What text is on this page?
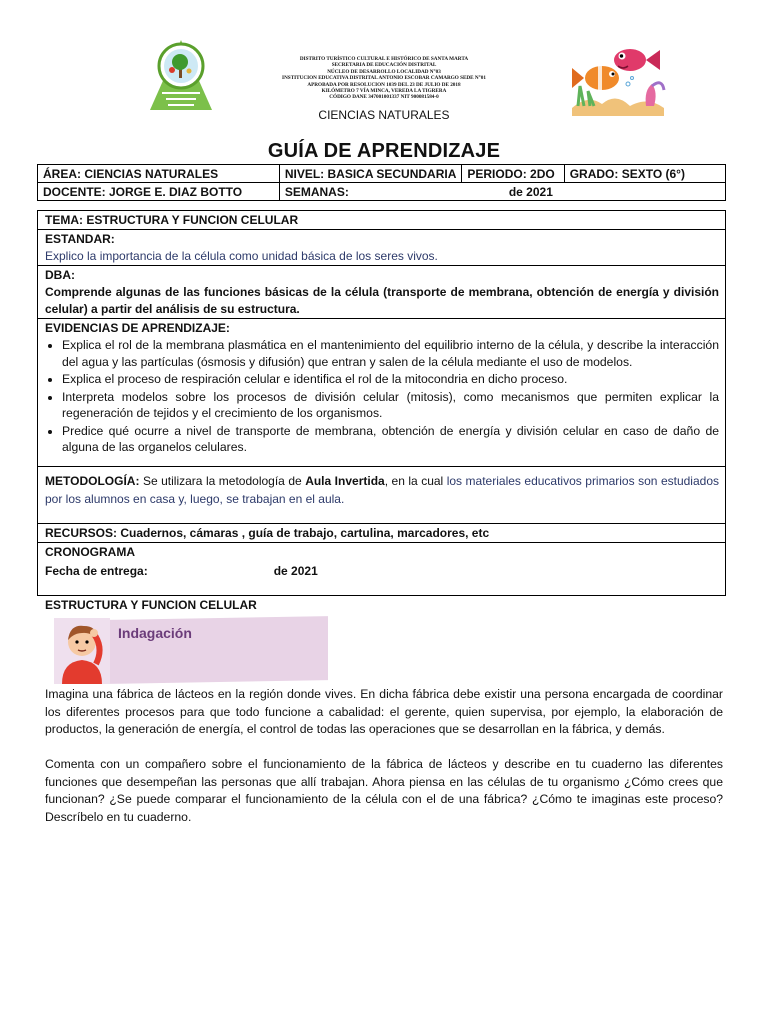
DISTRITO TURÍSTICO CULTURAL E HISTÓRICO DE SANTA MARTA
SECRETARIA DE EDUCACIÓN DISTRITAL
NÚCLEO DE DESARROLLO LOCALIDAD N°03
INSTITUCION EDUCATIVA DISTRITAL ANTONIO ESCOBAR CAMARGO SEDE N°01
APROBADA POR RESOLUCION 1039 DEL 23 DE JULIO DE 2018
KILÓMETRO 7 VÍA MINCA, VEREDA LA TIGRERA
CÓDIGO DANE 347001001337 NIT 900081584-0
CIENCIAS NATURALES
GUÍA DE APRENDIZAJE
ÁREA: CIENCIAS NATURALES	NIVEL: BASICA SECUNDARIA	PERIODO: 2DO	GRADO: SEXTO (6°)
DOCENTE: JORGE E. DIAZ BOTTO	SEMANAS: de 2021		
TEMA: ESTRUCTURA Y FUNCION CELULAR
ESTANDAR:
Explico la importancia de la célula como unidad básica de los seres vivos.
DBA:
Comprende algunas de las funciones básicas de la célula (transporte de membrana, obtención de energía y división celular) a partir del análisis de su estructura.
EVIDENCIAS DE APRENDIZAJE:
• Explica el rol de la membrana plasmática en el mantenimiento del equilibrio interno de la célula, y describe la interacción del agua y las partículas (ósmosis y difusión) que entran y salen de la célula mediante el uso de modelos.
• Explica el proceso de respiración celular e identifica el rol de la mitocondria en dicho proceso.
• Interpreta modelos sobre los procesos de división celular (mitosis), como mecanismos que permiten explicar la regeneración de tejidos y el crecimiento de los organismos.
• Predice qué ocurre a nivel de transporte de membrana, obtención de energía y división celular en caso de daño de alguna de las organelos celulares.
METODOLOGÍA: Se utilizara la metodología de Aula Invertida, en la cual los materiales educativos primarios son estudiados por los alumnos en casa y, luego, se trabajan en el aula.
RECURSOS: Cuadernos, cámaras , guía de trabajo, cartulina, marcadores, etc
CRONOGRAMA
Fecha de entrega:	de 2021
ESTRUCTURA Y FUNCION CELULAR
Indagación
Imagina una fábrica de lácteos en la región donde vives. En dicha fábrica debe existir una persona encargada de coordinar los diferentes procesos para que todo funcione a cabalidad: el gerente, quien supervisa, por ejemplo, la elaboración de productos, la generación de energía, el control de todas las operaciones que se desarrollan en la fábrica, y demás.
Comenta con un compañero sobre el funcionamiento de la fábrica de lácteos y describe en tu cuaderno las diferentes funciones que desempeñan las personas que allí trabajan. Ahora piensa en las células de tu organismo ¿Cómo crees que funcionan? ¿Se puede comparar el funcionamiento de la célula con el de una fábrica? ¿Cómo te imaginas este proceso? Descríbelo en tu cuaderno.
